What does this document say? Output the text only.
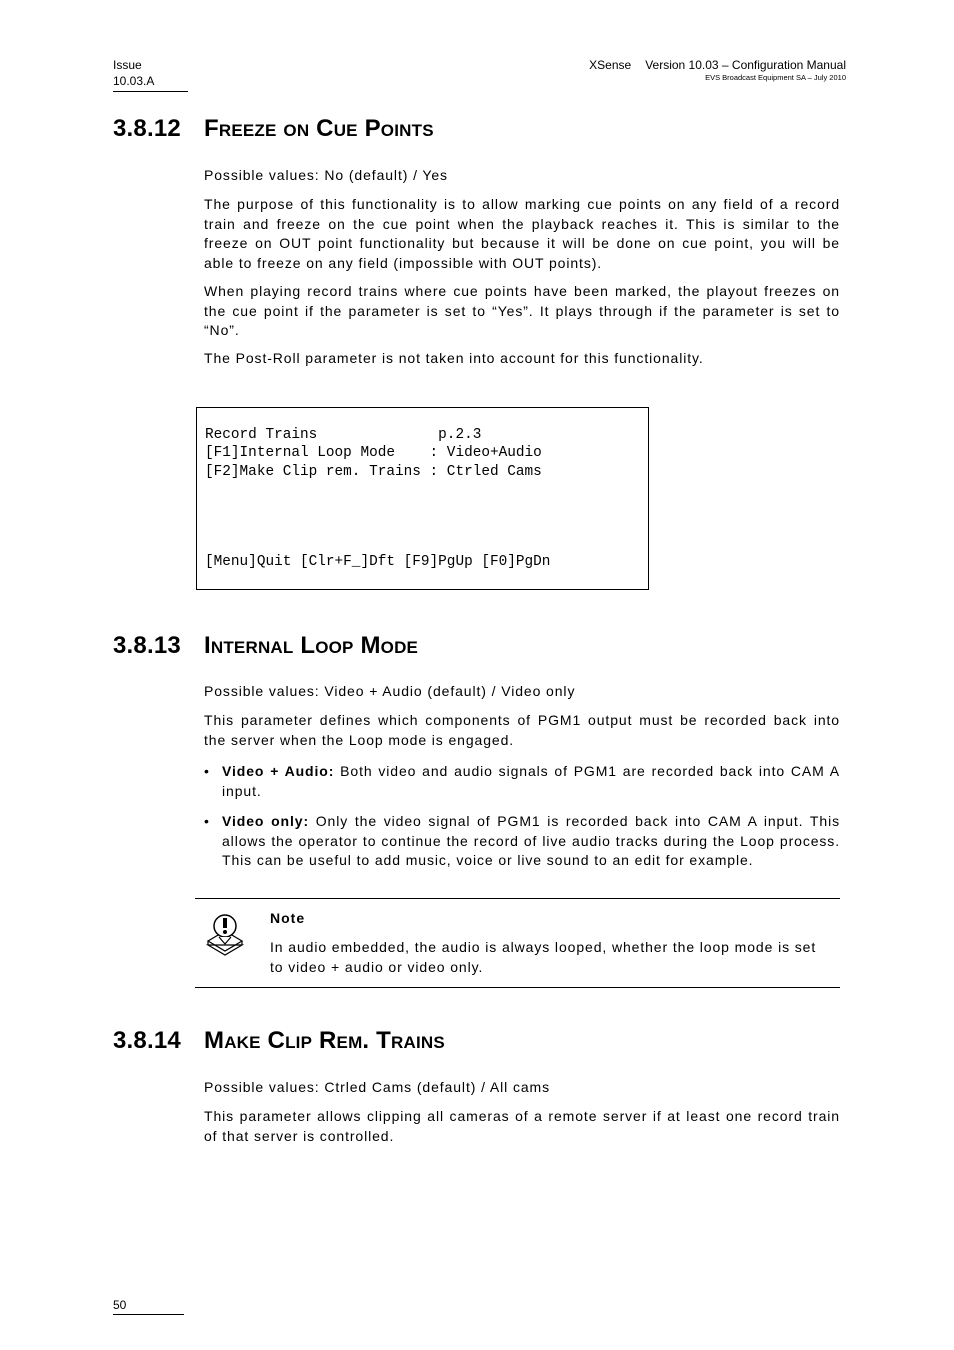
Issue
10.03.A
XSense Version 10.03 – Configuration Manual
EVS Broadcast Equipment SA – July 2010
3.8.12 Freeze on Cue Points
Possible values: No (default) / Yes
The purpose of this functionality is to allow marking cue points on any field of a record train and freeze on the cue point when the playback reaches it. This is similar to the freeze on OUT point functionality but because it will be done on cue point, you will be able to freeze on any field (impossible with OUT points).
When playing record trains where cue points have been marked, the playout freezes on the cue point if the parameter is set to “Yes”. It plays through if the parameter is set to “No”.
The Post-Roll parameter is not taken into account for this functionality.
Record Trains              p.2.3
[F1]Internal Loop Mode    : Video+Audio
[F2]Make Clip rem. Trains : Ctrled Cams
[Menu]Quit [Clr+F_]Dft [F9]PgUp [F0]PgDn
3.8.13 Internal Loop Mode
Possible values: Video + Audio (default) / Video only
This parameter defines which components of PGM1 output must be recorded back into the server when the Loop mode is engaged.
• Video + Audio: Both video and audio signals of PGM1 are recorded back into CAM A input.
• Video only: Only the video signal of PGM1 is recorded back into CAM A input. This allows the operator to continue the record of live audio tracks during the Loop process. This can be useful to add music, voice or live sound to an edit for example.
Note
In audio embedded, the audio is always looped, whether the loop mode is set to video + audio or video only.
3.8.14 Make Clip Rem. Trains
Possible values: Ctrled Cams (default) / All cams
This parameter allows clipping all cameras of a remote server if at least one record train of that server is controlled.
50
